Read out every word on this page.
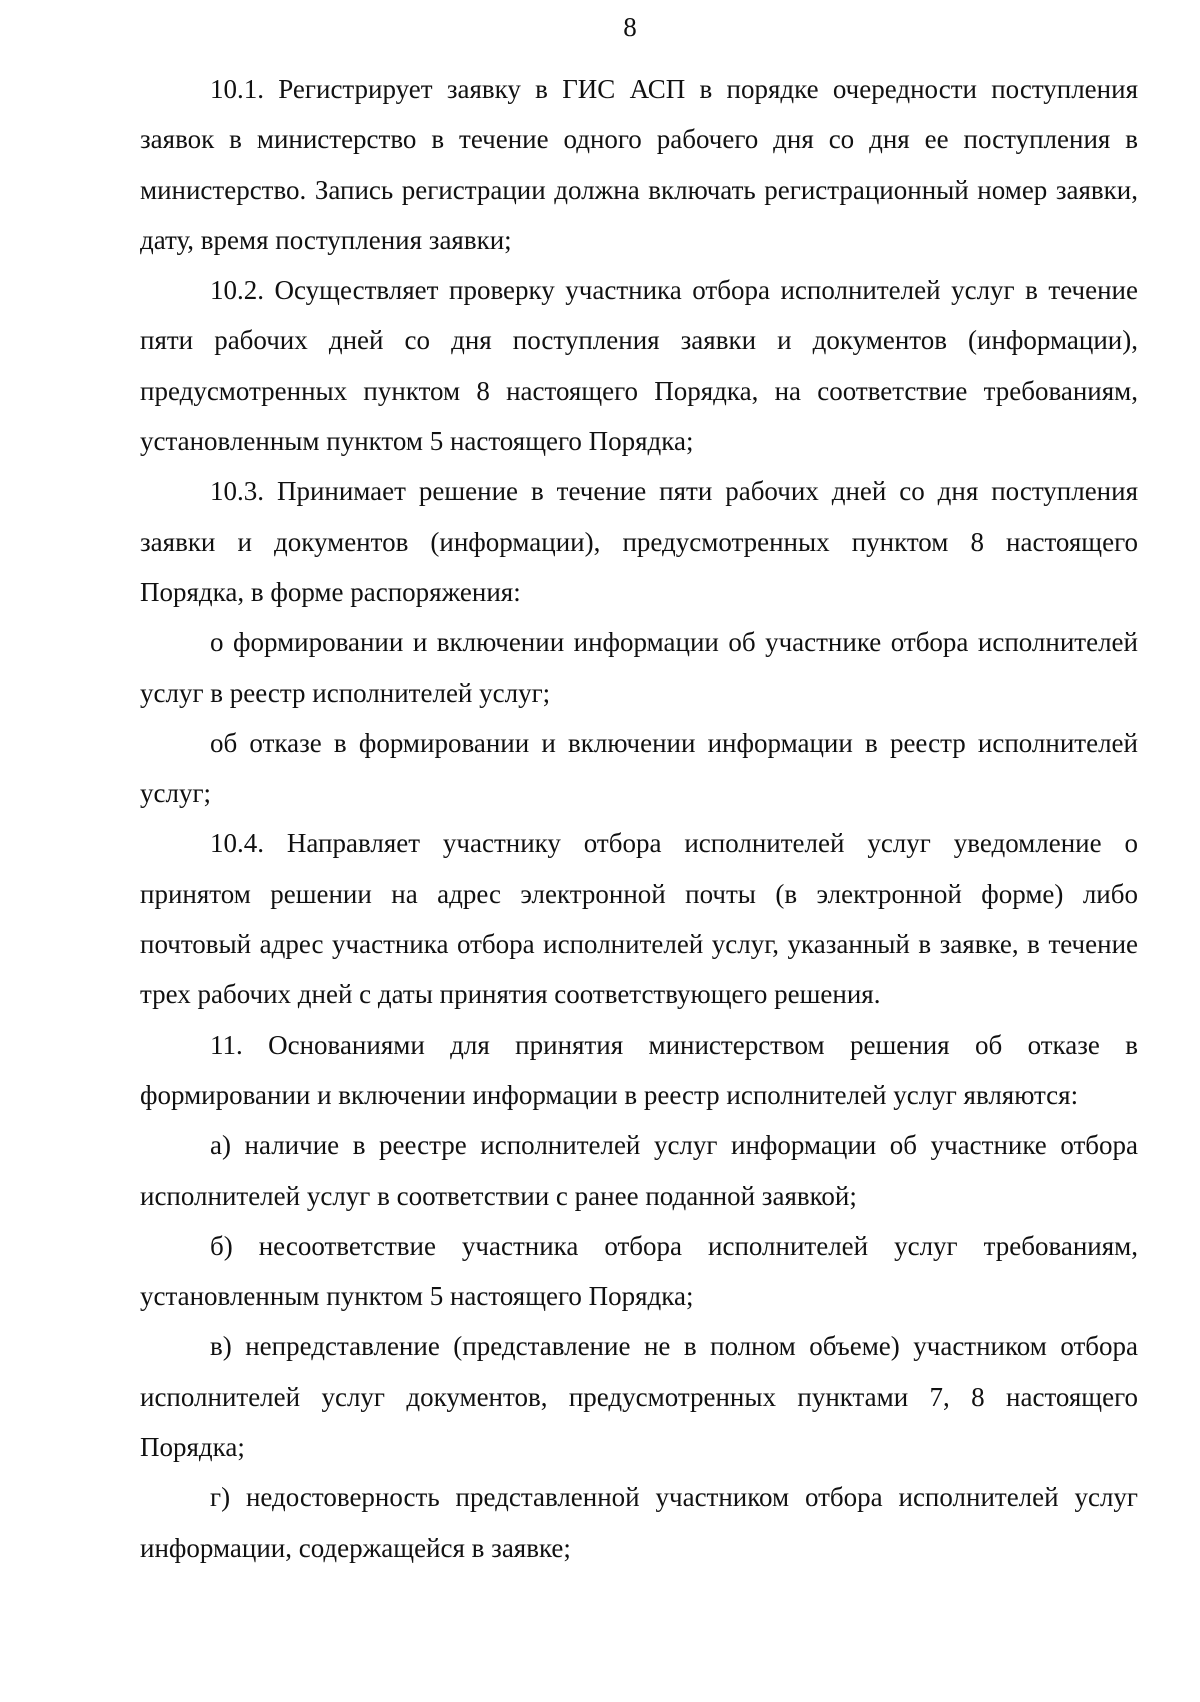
8

10.1. Регистрирует заявку в ГИС АСП в порядке очередности поступления заявок в министерство в течение одного рабочего дня со дня ее поступления в министерство. Запись регистрации должна включать регистрационный номер заявки, дату, время поступления заявки;

10.2. Осуществляет проверку участника отбора исполнителей услуг в течение пяти рабочих дней со дня поступления заявки и документов (информации), предусмотренных пунктом 8 настоящего Порядка, на соответствие требованиям, установленным пунктом 5 настоящего Порядка;

10.3. Принимает решение в течение пяти рабочих дней со дня поступления заявки и документов (информации), предусмотренных пунктом 8 настоящего Порядка, в форме распоряжения:

о формировании и включении информации об участнике отбора исполнителей услуг в реестр исполнителей услуг;

об отказе в формировании и включении информации в реестр исполнителей услуг;

10.4. Направляет участнику отбора исполнителей услуг уведомление о принятом решении на адрес электронной почты (в электронной форме) либо почтовый адрес участника отбора исполнителей услуг, указанный в заявке, в течение трех рабочих дней с даты принятия соответствующего решения.

11. Основаниями для принятия министерством решения об отказе в формировании и включении информации в реестр исполнителей услуг являются:

а) наличие в реестре исполнителей услуг информации об участнике отбора исполнителей услуг в соответствии с ранее поданной заявкой;

б) несоответствие участника отбора исполнителей услуг требованиям, установленным пунктом 5 настоящего Порядка;

в) непредставление (представление не в полном объеме) участником отбора исполнителей услуг документов, предусмотренных пунктами 7, 8 настоящего Порядка;

г) недостоверность представленной участником отбора исполнителей услуг информации, содержащейся в заявке;
